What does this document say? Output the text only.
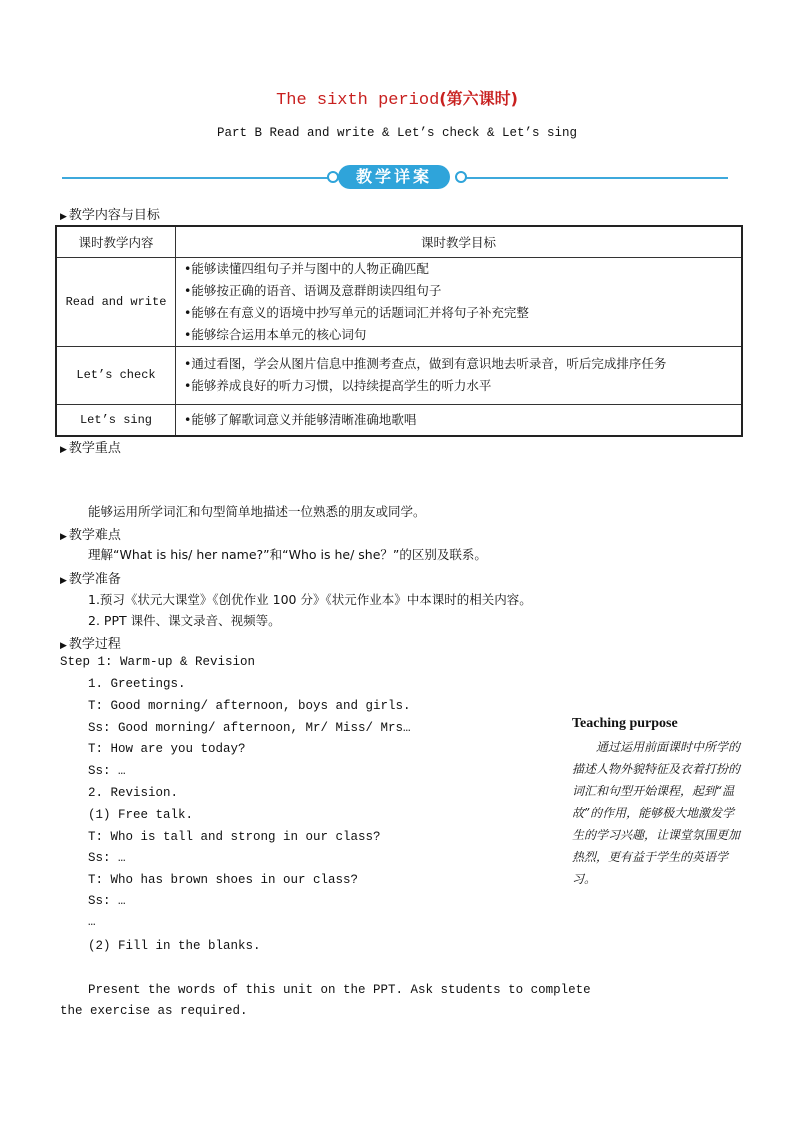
The sixth period(第六课时)
Part B Read and write & Let’s check & Let’s sing
教学详案
▶ 教学内容与目标
课时教学内容	课时教学目标
Read and write	•能够读懂四组句子并与图中的人物正确匹配
•能够按正确的语音、语调及意群朗读四组句子
•能够在有意义的语境中抄写单元的话题词汇并将句子补充完整
•能够综合运用本单元的核心词句

Let’s check	•通过看图，学会从图片信息中推测考查点，做到有意识地去听录音，听后完成排序任务
•能够养成良好的听力习惯，以持续提高学生的听力水平

Let’s sing	•能够了解歌词意义并能够清晰准确地歌唱
▶ 教学重点
能够运用所学词汇和句型简单地描述一位熟悉的朋友或同学。
▶ 教学难点
理解“What is his/ her name?”和“Who is he/ she？”的区别及联系。
▶ 教学准备
1.预习《状元大课堂》《创优作业 100 分》《状元作业本》中本课时的相关内容。
2. PPT 课件、课文录音、视频等。
▶ 教学过程
Step 1: Warm-up & Revision
1. Greetings.
T: Good morning/ afternoon, boys and girls.
Ss: Good morning/ afternoon, Mr/ Miss/ Mrs…
T: How are you today?
Ss: …
2. Revision.
(1) Free talk.
T: Who is tall and strong in our class?
Ss: …
T: Who has brown shoes in our class?
Ss: …
…
(2) Fill in the blanks.
Present the words of this unit on the PPT. Ask students to complete
the exercise as required.
Teaching purpose
通过运用前面课时中所学的描述人物外貌特征及衣着打扮的词汇和句型开始课程，起到“温故”的作用，能够极大地激发学生的学习兴趣，让课堂氛围更加热烈，更有益于学生的英语学习。
